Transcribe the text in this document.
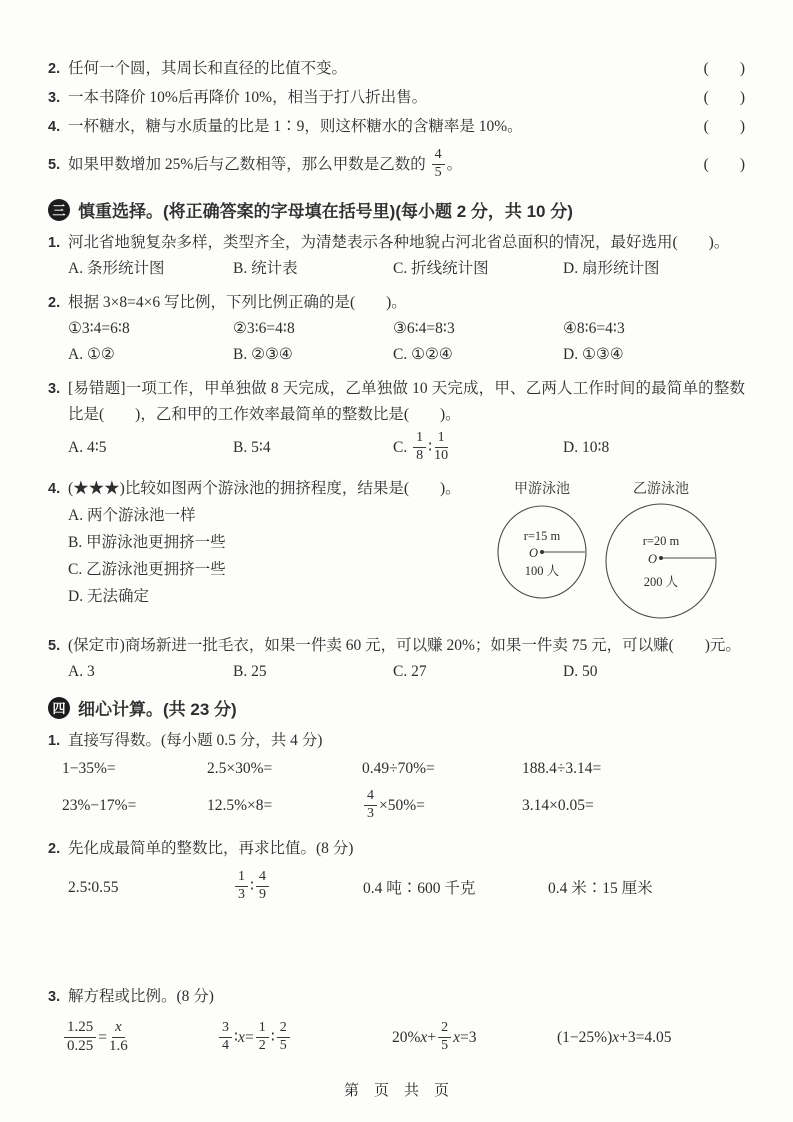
2. 任何一个圆，其周长和直径的比值不变。	(　　)
3. 一本书降价 10%后再降价 10%，相当于打八折出售。	(　　)
4. 一杯糖水，糖与水质量的比是 1∶9，则这杯糖水的含糖率是 10%。	(　　)
5. 如果甲数增加 25%后与乙数相等，那么甲数是乙数的 $\frac{4}{5}$ 。	(　　)
三 慎重选择。(将正确答案的字母填在括号里)(每小题 2 分，共 10 分)
1. 河北省地貌复杂多样，类型齐全，为清楚表示各种地貌占河北省总面积的情况，最好选用(　　)。
A. 条形统计图	B. 统计表	C. 折线统计图	D. 扇形统计图
2. 根据 3×8=4×6 写比例，下列比例正确的是(　　)。
①3∶4=6∶8	②3∶6=4∶8	③6∶4=8∶3	④8∶6=4∶3
A. ①②	B. ②③④	C. ①②④	D. ①③④
3. [易错题]一项工作，甲单独做 8 天完成，乙单独做 10 天完成，甲、乙两人工作时间的最简单的整数比是(　　)，乙和甲的工作效率最简单的整数比是(　　)。
A. 4∶5	B. 5∶4	C. $\frac{1}{8}$ ∶ $\frac{1}{10}$	D. 10∶8
4. (★★★)比较如图两个游泳池的拥挤程度，结果是(　　)。
A. 两个游泳池一样
B. 甲游泳池更拥挤一些
C. 乙游泳池更拥挤一些
D. 无法确定
甲游泳池
r=15 m
O
100 人
乙游泳池
r=20 m
O
200 人
5. (保定市)商场新进一批毛衣，如果一件卖 60 元，可以赚 20%；如果一件卖 75 元，可以赚(　　)元。
A. 3	B. 25	C. 27	D. 50
四 细心计算。(共 23 分)
1. 直接写得数。(每小题 0.5 分，共 4 分)
1−35%=	2.5×30%=	0.49÷70%=	188.4÷3.14=
23%−17%=	12.5%×8=	$\frac{4}{3} \times 50\%=$	3.14×0.05=
2. 先化成最简单的整数比，再求比值。(8 分)
2.5∶0.55	$\frac{1}{3}$ ∶ $\frac{4}{9}$	0.4 吨∶600 千克	0.4 米∶15 厘米
3. 解方程或比例。(8 分)
$\frac{1.25}{0.25} = \frac{x}{1.6}$	$\frac{3}{4}$ ∶x= $\frac{1}{2}$ ∶ $\frac{2}{5}$	$20\%x+ \frac{2}{5} x=3$	(1−25%)x+3=4.05
第　页　共　页
